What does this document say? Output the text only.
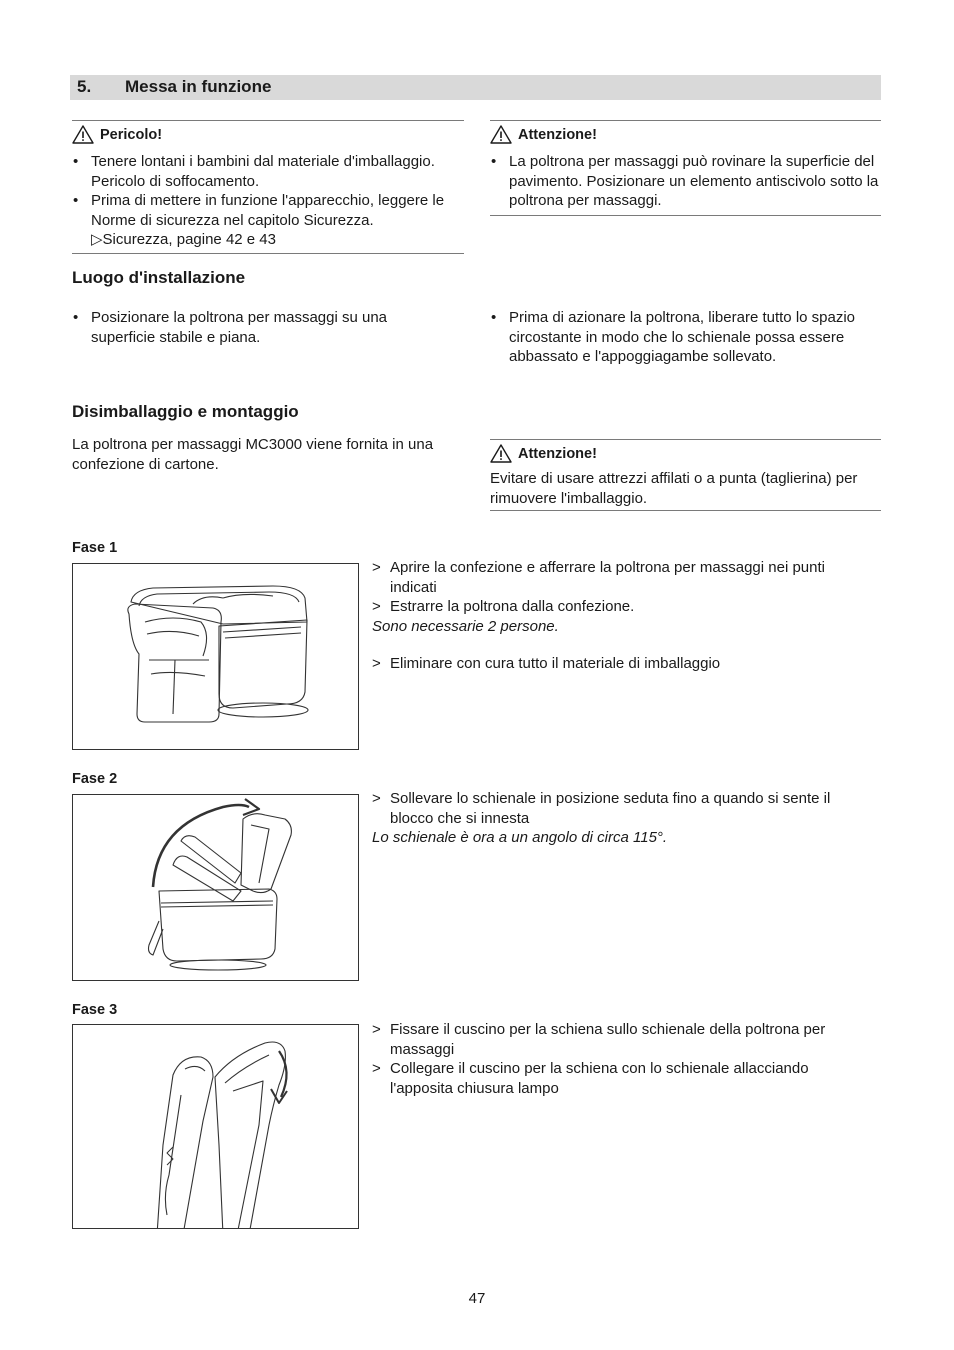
5. Messa in funzione
Pericolo!
• Tenere lontani i bambini dal materiale d'imballaggio. Pericolo di soffocamento.
• Prima di mettere in funzione l'apparecchio, leggere le Norme di sicurezza nel capitolo Sicurezza.
▷Sicurezza, pagine 42 e 43
Attenzione!
• La poltrona per massaggi può rovinare la superficie del pavimento. Posizionare un elemento antiscivolo sotto la poltrona per massaggi.
Luogo d'installazione
• Posizionare la poltrona per massaggi su una superficie stabile e piana.
• Prima di azionare la poltrona, liberare tutto lo spazio circostante in modo che lo schienale possa essere abbassato e l'appoggiagambe sollevato.
Disimballaggio e montaggio
La poltrona per massaggi MC3000 viene fornita in una confezione di cartone.
Attenzione!
Evitare di usare attrezzi affilati o a punta (taglierina) per rimuovere l'imballaggio.
Fase 1
> Aprire la confezione e afferrare la poltrona per massaggi nei punti indicati
> Estrarre la poltrona dalla confezione.
Sono necessarie 2 persone.
> Eliminare con cura tutto il materiale di imballaggio
Fase 2
> Sollevare lo schienale in posizione seduta fino a quando si sente il blocco che si innesta
Lo schienale è ora a un angolo di circa 115°.
Fase 3
> Fissare il cuscino per la schiena sullo schienale della poltrona per massaggi
> Collegare il cuscino per la schiena con lo schienale allacciando l'apposita chiusura lampo
47
